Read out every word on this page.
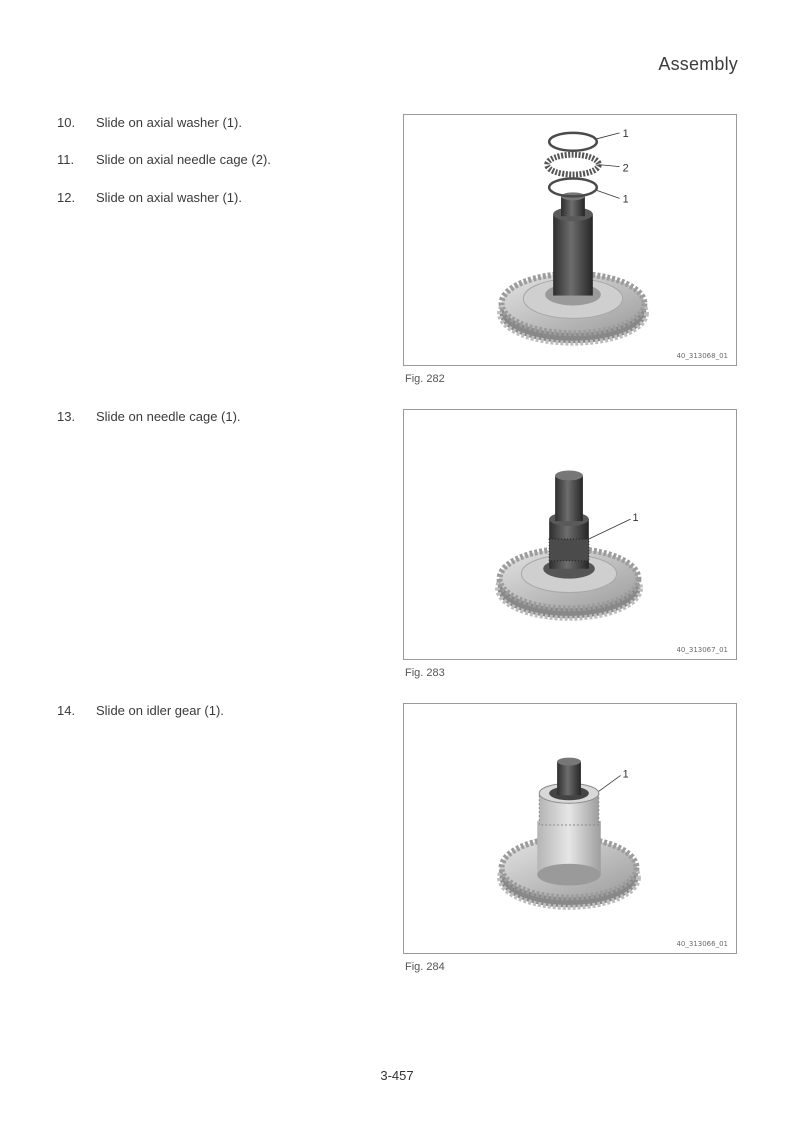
Assembly
10.	Slide on axial washer (1).
11.	Slide on axial needle cage (2).
12.	Slide on axial washer (1).
13.	Slide on needle cage (1).
14.	Slide on idler gear (1).
1
2
1
40_313068_01
Fig. 282
1
40_313067_01
Fig. 283
1
40_313066_01
Fig. 284
3-457
